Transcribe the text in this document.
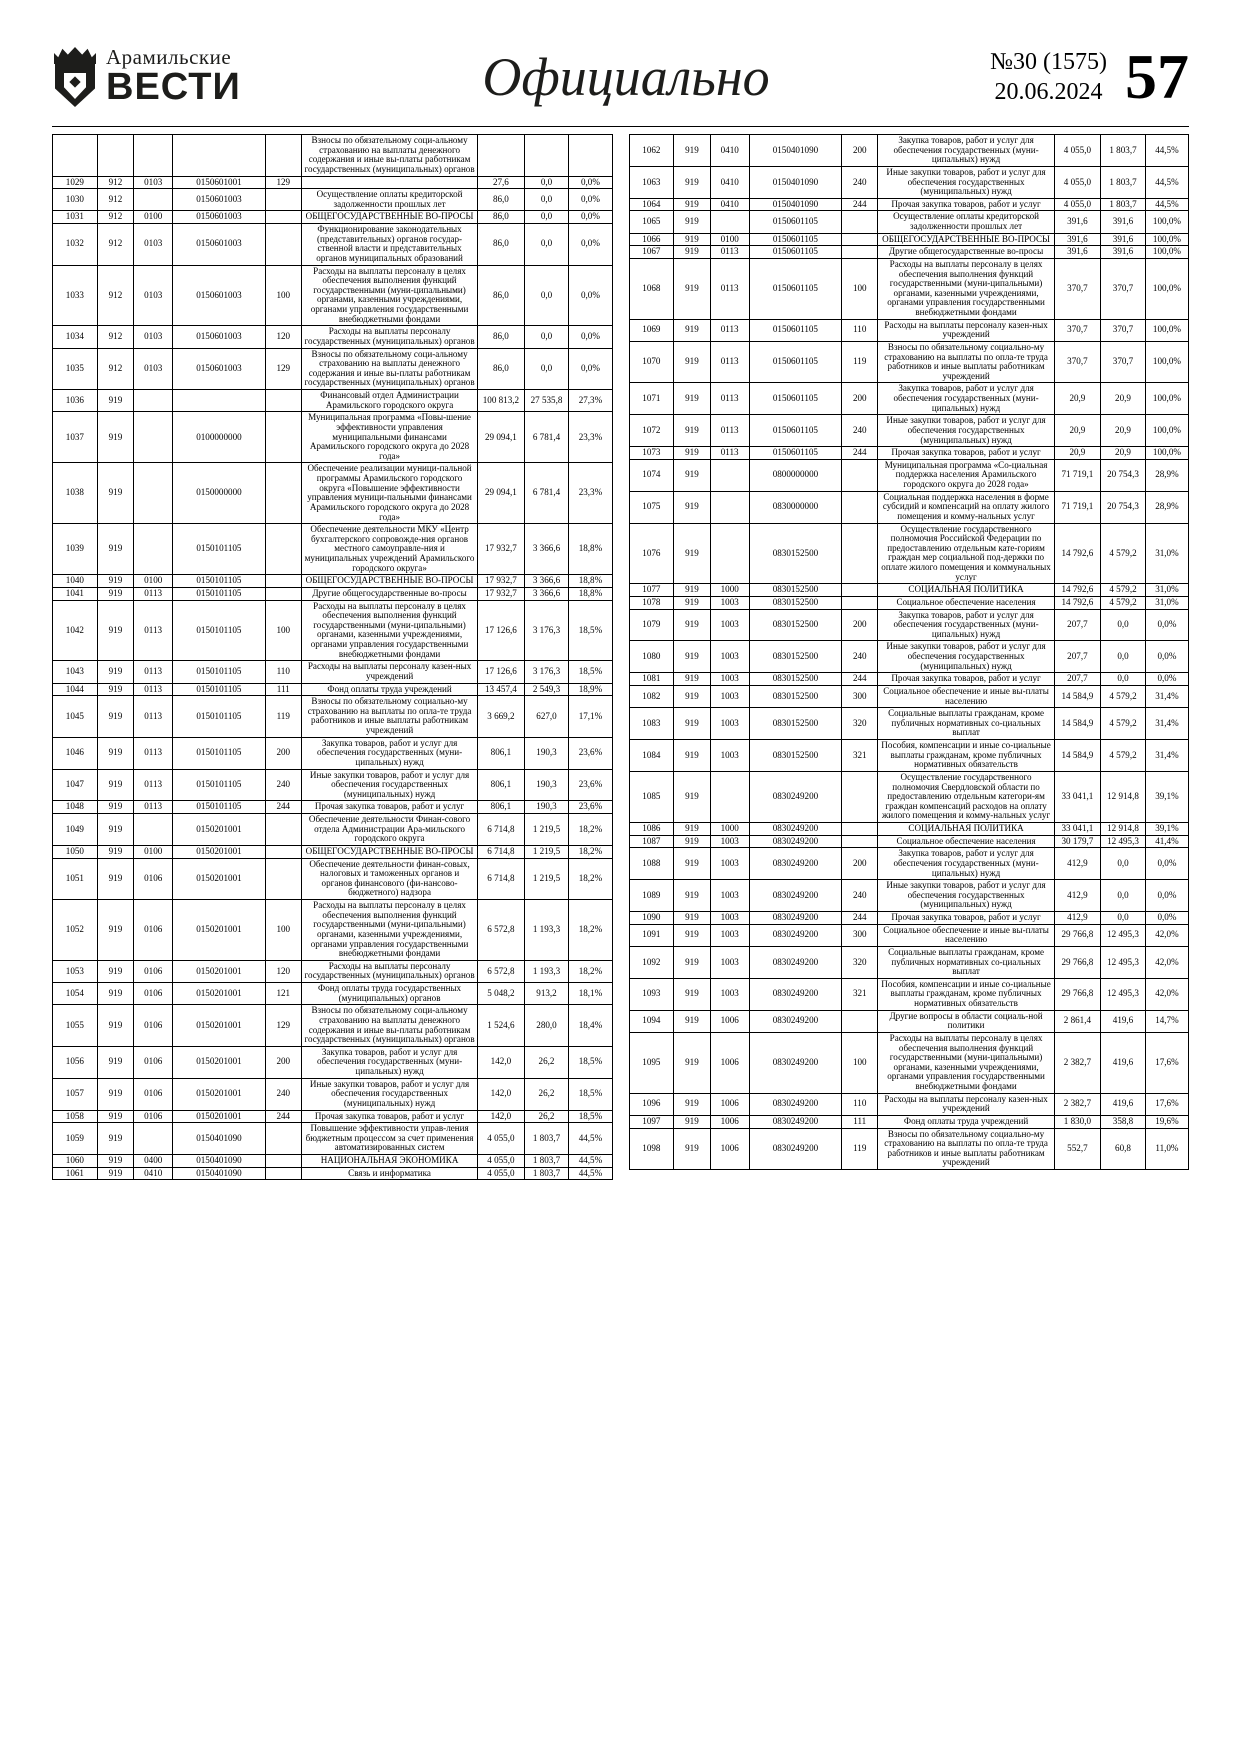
Арамильские
ВЕСТИ	Официально	№30 (1575)
20.06.2024 57
					Взносы по обязательному соци-альному страхованию на выплаты денежного содержания и иные вы-платы работникам государственных (муниципальных) органов			
1029	912	0103	0150601001	129		27,6	0,0	0,0%
1030	912		0150601003		Осуществление оплаты кредиторской задолженности прошлых лет	86,0	0,0	0,0%
1031	912	0100	0150601003		ОБЩЕГОСУДАРСТВЕННЫЕ ВО-ПРОСЫ	86,0	0,0	0,0%
1032	912	0103	0150601003		Функционирование законодательных (представительных) органов государ-ственной власти и представительных органов муниципальных образований	86,0	0,0	0,0%
1033	912	0103	0150601003	100	Расходы на выплаты персоналу в целях обеспечения выполнения функций государственными (муни-ципальными) органами, казенными учреждениями, органами управления государственными внебюджетными фондами	86,0	0,0	0,0%
1034	912	0103	0150601003	120	Расходы на выплаты персоналу государственных (муниципальных) органов	86,0	0,0	0,0%
1035	912	0103	0150601003	129	Взносы по обязательному соци-альному страхованию на выплаты денежного содержания и иные вы-платы работникам государственных (муниципальных) органов	86,0	0,0	0,0%
1036	919				Финансовый отдел Администрации Арамильского городского округа	100 813,2	27 535,8	27,3%
1037	919		0100000000		Муниципальная программа «Повы-шение эффективности управления муниципальными финансами Арамильского городского округа до 2028 года»	29 094,1	6 781,4	23,3%
1038	919		0150000000		Обеспечение реализации муници-пальной программы Арамильского городского округа «Повышение эффективности управления муници-пальными финансами Арамильского городского округа до 2028 года»	29 094,1	6 781,4	23,3%
1039	919		0150101105		Обеспечение деятельности МКУ «Центр бухгалтерского сопровожде-ния органов местного самоуправле-ния и муниципальных учреждений Арамильского городского округа»	17 932,7	3 366,6	18,8%
1040	919	0100	0150101105		ОБЩЕГОСУДАРСТВЕННЫЕ ВО-ПРОСЫ	17 932,7	3 366,6	18,8%
1041	919	0113	0150101105		Другие общегосударственные во-просы	17 932,7	3 366,6	18,8%
1042	919	0113	0150101105	100	Расходы на выплаты персоналу в целях обеспечения выполнения функций государственными (муни-ципальными) органами, казенными учреждениями, органами управления государственными внебюджетными фондами	17 126,6	3 176,3	18,5%
1043	919	0113	0150101105	110	Расходы на выплаты персоналу казен-ных учреждений	17 126,6	3 176,3	18,5%
1044	919	0113	0150101105	111	Фонд оплаты труда учреждений	13 457,4	2 549,3	18,9%
1045	919	0113	0150101105	119	Взносы по обязательному социально-му страхованию на выплаты по опла-те труда работников и иные выплаты работникам учреждений	3 669,2	627,0	17,1%
1046	919	0113	0150101105	200	Закупка товаров, работ и услуг для обеспечения государственных (муни-ципальных) нужд	806,1	190,3	23,6%
1047	919	0113	0150101105	240	Иные закупки товаров, работ и услуг для обеспечения государственных (муниципальных) нужд	806,1	190,3	23,6%
1048	919	0113	0150101105	244	Прочая закупка товаров, работ и услуг	806,1	190,3	23,6%
1049	919		0150201001		Обеспечение деятельности Финан-сового отдела Администрации Ара-мильского городского округа	6 714,8	1 219,5	18,2%
1050	919	0100	0150201001		ОБЩЕГОСУДАРСТВЕННЫЕ ВО-ПРОСЫ	6 714,8	1 219,5	18,2%
1051	919	0106	0150201001		Обеспечение деятельности финан-совых, налоговых и таможенных органов и органов финансового (фи-нансово-бюджетного) надзора	6 714,8	1 219,5	18,2%
1052	919	0106	0150201001	100	Расходы на выплаты персоналу в целях обеспечения выполнения функций государственными (муни-ципальными) органами, казенными учреждениями, органами управления государственными внебюджетными фондами	6 572,8	1 193,3	18,2%
1053	919	0106	0150201001	120	Расходы на выплаты персоналу государственных (муниципальных) органов	6 572,8	1 193,3	18,2%
1054	919	0106	0150201001	121	Фонд оплаты труда государственных (муниципальных) органов	5 048,2	913,2	18,1%
1055	919	0106	0150201001	129	Взносы по обязательному соци-альному страхованию на выплаты денежного содержания и иные вы-платы работникам государственных (муниципальных) органов	1 524,6	280,0	18,4%
1056	919	0106	0150201001	200	Закупка товаров, работ и услуг для обеспечения государственных (муни-ципальных) нужд	142,0	26,2	18,5%
1057	919	0106	0150201001	240	Иные закупки товаров, работ и услуг для обеспечения государственных (муниципальных) нужд	142,0	26,2	18,5%
1058	919	0106	0150201001	244	Прочая закупка товаров, работ и услуг	142,0	26,2	18,5%
1059	919		0150401090		Повышение эффективности управ-ления бюджетным процессом за счет применения автоматизированных систем	4 055,0	1 803,7	44,5%
1060	919	0400	0150401090		НАЦИОНАЛЬНАЯ ЭКОНОМИКА	4 055,0	1 803,7	44,5%
1061	919	0410	0150401090		Связь и информатика	4 055,0	1 803,7	44,5%
1062	919	0410	0150401090	200	Закупка товаров, работ и услуг для обеспечения государственных (муни-ципальных) нужд	4 055,0	1 803,7	44,5%
1063	919	0410	0150401090	240	Иные закупки товаров, работ и услуг для обеспечения государственных (муниципальных) нужд	4 055,0	1 803,7	44,5%
1064	919	0410	0150401090	244	Прочая закупка товаров, работ и услуг	4 055,0	1 803,7	44,5%
1065	919		0150601105		Осуществление оплаты кредиторской задолженности прошлых лет	391,6	391,6	100,0%
1066	919	0100	0150601105		ОБЩЕГОСУДАРСТВЕННЫЕ ВО-ПРОСЫ	391,6	391,6	100,0%
1067	919	0113	0150601105		Другие общегосударственные во-просы	391,6	391,6	100,0%
1068	919	0113	0150601105	100	Расходы на выплаты персоналу в целях обеспечения выполнения функций государственными (муни-ципальными) органами, казенными учреждениями, органами управления государственными внебюджетными фондами	370,7	370,7	100,0%
1069	919	0113	0150601105	110	Расходы на выплаты персоналу казен-ных учреждений	370,7	370,7	100,0%
1070	919	0113	0150601105	119	Взносы по обязательному социально-му страхованию на выплаты по опла-те труда работников и иные выплаты работникам учреждений	370,7	370,7	100,0%
1071	919	0113	0150601105	200	Закупка товаров, работ и услуг для обеспечения государственных (муни-ципальных) нужд	20,9	20,9	100,0%
1072	919	0113	0150601105	240	Иные закупки товаров, работ и услуг для обеспечения государственных (муниципальных) нужд	20,9	20,9	100,0%
1073	919	0113	0150601105	244	Прочая закупка товаров, работ и услуг	20,9	20,9	100,0%
1074	919		0800000000		Муниципальная программа «Со-циальная поддержка населения Арамильского городского округа до 2028 года»	71 719,1	20 754,3	28,9%
1075	919		0830000000		Социальная поддержка населения в форме субсидий и компенсаций на оплату жилого помещения и комму-нальных услуг	71 719,1	20 754,3	28,9%
1076	919		0830152500		Осуществление государственного полномочия Российской Федерации по предоставлению отдельным кате-гориям граждан мер социальной под-держки по оплате жилого помещения и коммунальных услуг	14 792,6	4 579,2	31,0%
1077	919	1000	0830152500		СОЦИАЛЬНАЯ ПОЛИТИКА	14 792,6	4 579,2	31,0%
1078	919	1003	0830152500		Социальное обеспечение населения	14 792,6	4 579,2	31,0%
1079	919	1003	0830152500	200	Закупка товаров, работ и услуг для обеспечения государственных (муни-ципальных) нужд	207,7	0,0	0,0%
1080	919	1003	0830152500	240	Иные закупки товаров, работ и услуг для обеспечения государственных (муниципальных) нужд	207,7	0,0	0,0%
1081	919	1003	0830152500	244	Прочая закупка товаров, работ и услуг	207,7	0,0	0,0%
1082	919	1003	0830152500	300	Социальное обеспечение и иные вы-платы населению	14 584,9	4 579,2	31,4%
1083	919	1003	0830152500	320	Социальные выплаты гражданам, кроме публичных нормативных со-циальных выплат	14 584,9	4 579,2	31,4%
1084	919	1003	0830152500	321	Пособия, компенсации и иные со-циальные выплаты гражданам, кроме публичных нормативных обязательств	14 584,9	4 579,2	31,4%
1085	919		0830249200		Осуществление государственного полномочия Свердловской области по предоставлению отдельным категори-ям граждан компенсаций расходов на оплату жилого помещения и комму-нальных услуг	33 041,1	12 914,8	39,1%
1086	919	1000	0830249200		СОЦИАЛЬНАЯ ПОЛИТИКА	33 041,1	12 914,8	39,1%
1087	919	1003	0830249200		Социальное обеспечение населения	30 179,7	12 495,3	41,4%
1088	919	1003	0830249200	200	Закупка товаров, работ и услуг для обеспечения государственных (муни-ципальных) нужд	412,9	0,0	0,0%
1089	919	1003	0830249200	240	Иные закупки товаров, работ и услуг для обеспечения государственных (муниципальных) нужд	412,9	0,0	0,0%
1090	919	1003	0830249200	244	Прочая закупка товаров, работ и услуг	412,9	0,0	0,0%
1091	919	1003	0830249200	300	Социальное обеспечение и иные вы-платы населению	29 766,8	12 495,3	42,0%
1092	919	1003	0830249200	320	Социальные выплаты гражданам, кроме публичных нормативных со-циальных выплат	29 766,8	12 495,3	42,0%
1093	919	1003	0830249200	321	Пособия, компенсации и иные со-циальные выплаты гражданам, кроме публичных нормативных обязательств	29 766,8	12 495,3	42,0%
1094	919	1006	0830249200		Другие вопросы в области социаль-ной политики	2 861,4	419,6	14,7%
1095	919	1006	0830249200	100	Расходы на выплаты персоналу в целях обеспечения выполнения функций государственными (муни-ципальными) органами, казенными учреждениями, органами управления государственными внебюджетными фондами	2 382,7	419,6	17,6%
1096	919	1006	0830249200	110	Расходы на выплаты персоналу казен-ных учреждений	2 382,7	419,6	17,6%
1097	919	1006	0830249200	111	Фонд оплаты труда учреждений	1 830,0	358,8	19,6%
1098	919	1006	0830249200	119	Взносы по обязательному социально-му страхованию на выплаты по опла-те труда работников и иные выплаты работникам учреждений	552,7	60,8	11,0%
